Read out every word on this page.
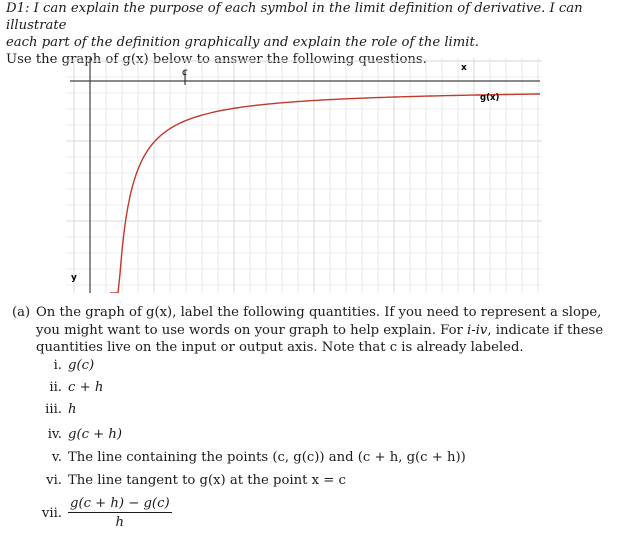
D1: I can explain the purpose of each symbol in the limit definition of derivative. I can illustrate

each part of the definition graphically and explain the role of the limit.

Use the graph of g(x) below to answer the following questions.

c	x
y
g(x)
(a) On the graph of g(x), label the following quantities. If you need to represent a slope, you might want to use words on your graph to help explain. For i-iv, indicate if these quantities live on the input or output axis. Note that c is already labeled.
i. g(c)
ii. c + h
iii. h
iv. g(c + h)
v. The line containing the points (c, g(c)) and (c + h, g(c + h))
vi. The line tangent to g(x) at the point x = c
vii. $\frac{g(c + h) - g(c)}{h}$
